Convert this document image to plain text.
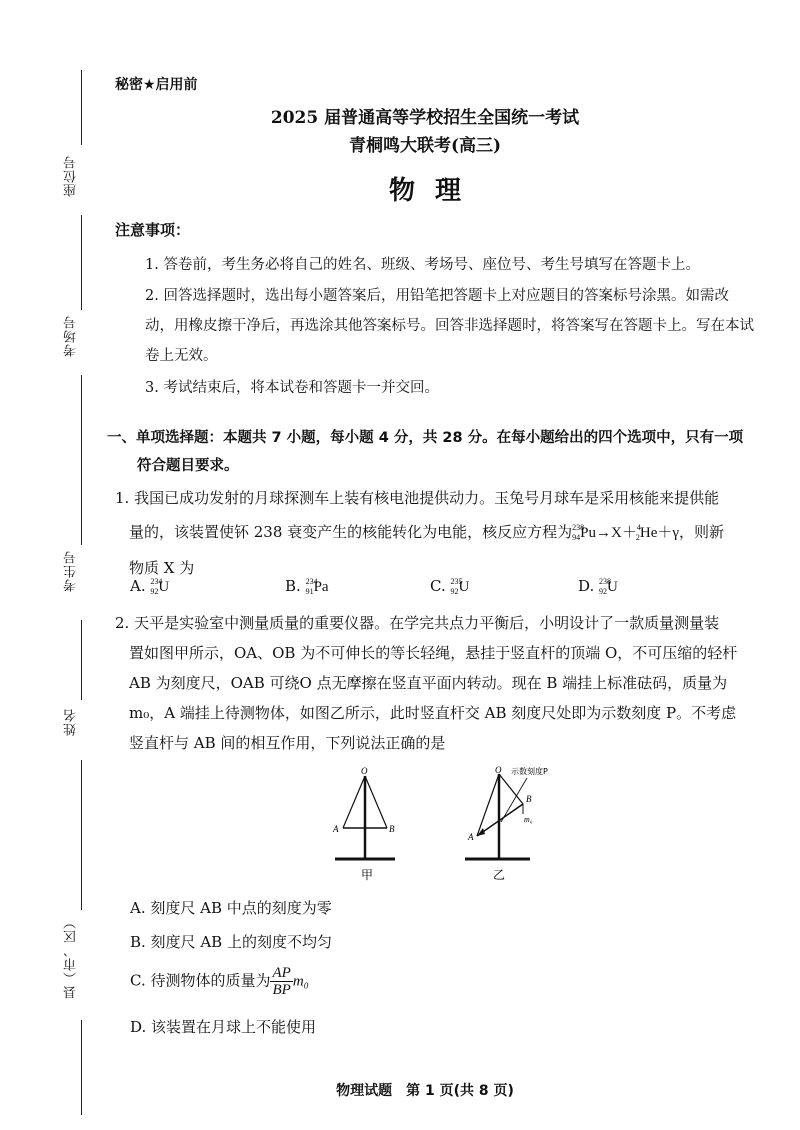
座位号
考场号
考生号
姓名
县（市、区）
秘密★启用前
2025 届普通高等学校招生全国统一考试
青桐鸣大联考(高三)
物理
注意事项：
1. 答卷前，考生务必将自己的姓名、班级、考场号、座位号、考生号填写在答题卡上。
2. 回答选择题时，选出每小题答案后，用铅笔把答题卡上对应题目的答案标号涂黑。如需改动，用橡皮擦干净后，再选涂其他答案标号。回答非选择题时，将答案写在答题卡上。写在本试卷上无效。
3. 考试结束后，将本试卷和答题卡一并交回。
一、单项选择题：本题共 7 小题，每小题 4 分，共 28 分。在每小题给出的四个选项中，只有一项
符合题目要求。
1. 我国已成功发射的月球探测车上装有核电池提供动力。玉兔号月球车是采用核能来提供能
量的，该装置使钚 238 衰变产生的核能转化为电能，核反应方程为$^{238}_{94}$Pu→X＋$^4_2$He＋γ，则新
物质 X 为
A. $^{234}_{92}$U	B. $^{234}_{91}$Pa	C. $^{235}_{92}$U	D. $^{238}_{92}$U
2. 天平是实验室中测量质量的重要仪器。在学完共点力平衡后，小明设计了一款质量测量装
置如图甲所示，OA、OB 为不可伸长的等长轻绳，悬挂于竖直杆的顶端 O，不可压缩的轻杆
AB 为刻度尺，OAB 可绕O 点无摩擦在竖直平面内转动。现在 B 端挂上标准砝码，质量为
m₀，A 端挂上待测物体，如图乙所示，此时竖直杆交 AB 刻度尺处即为示数刻度 P。不考虑
竖直杆与 AB 间的相互作用，下列说法正确的是
O
A	B
O 示数刻度P
A
B
m₀
甲	乙
A. 刻度尺 AB 中点的刻度为零
B. 刻度尺 AB 上的刻度不均匀
C. 待测物体的质量为 $\frac{AP}{BP} m_0$
D. 该装置在月球上不能使用
物理试题　第 1 页(共 8 页)
